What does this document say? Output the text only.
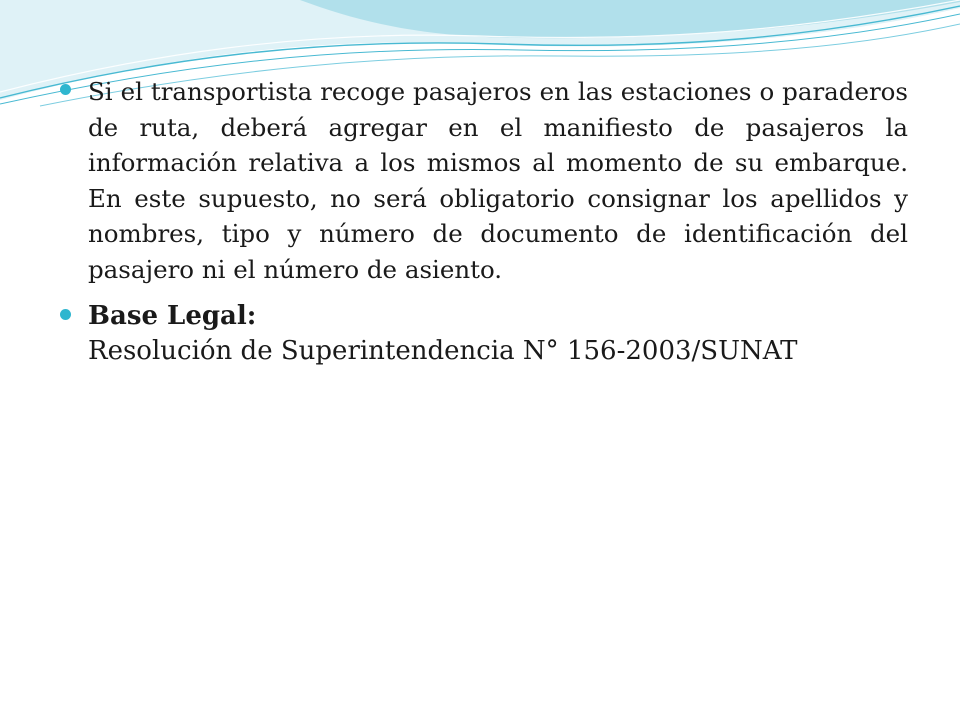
Si el transportista recoge pasajeros en las estaciones o paraderos de ruta, deberá agregar en el manifiesto de pasajeros la información relativa a los mismos al momento de su embarque. En este supuesto, no será obligatorio consignar los apellidos y nombres, tipo y número de documento de identificación del pasajero ni el número de asiento.

Base Legal:

Resolución de Superintendencia N° 156-2003/SUNAT
